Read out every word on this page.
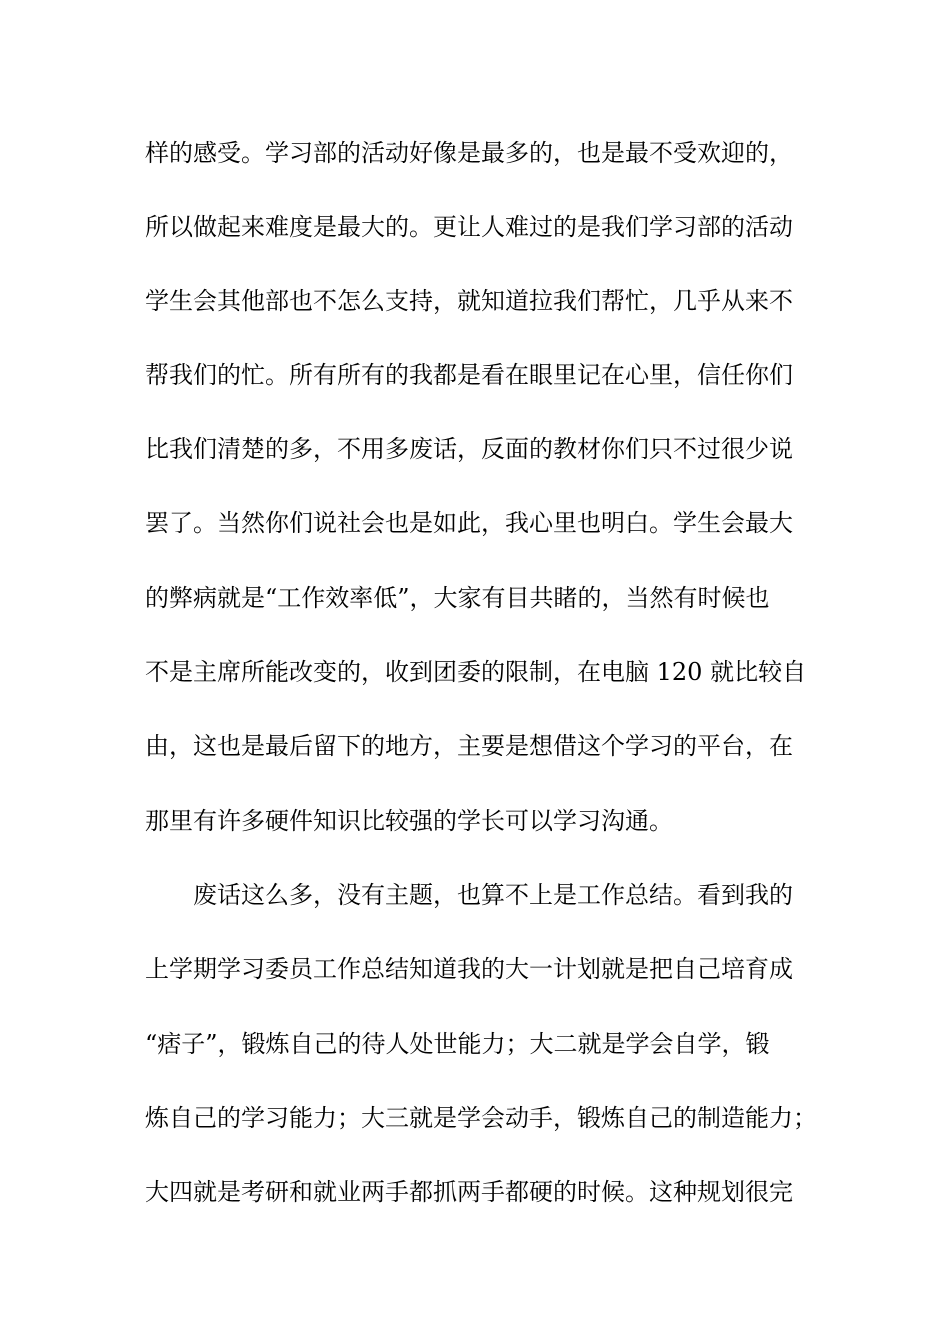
样的感受。学习部的活动好像是最多的，也是最不受欢迎的，
所以做起来难度是最大的。更让人难过的是我们学习部的活动
学生会其他部也不怎么支持，就知道拉我们帮忙，几乎从来不
帮我们的忙。所有所有的我都是看在眼里记在心里，信任你们
比我们清楚的多，不用多废话，反面的教材你们只不过很少说
罢了。当然你们说社会也是如此，我心里也明白。学生会最大
的弊病就是“工作效率低”，大家有目共睹的，当然有时候也
不是主席所能改变的，收到团委的限制，在电脑 120 就比较自
由，这也是最后留下的地方，主要是想借这个学习的平台，在
那里有许多硬件知识比较强的学长可以学习沟通。
废话这么多，没有主题，也算不上是工作总结。看到我的
上学期学习委员工作总结知道我的大一计划就是把自己培育成
“痞子”，锻炼自己的待人处世能力；大二就是学会自学，锻
炼自己的学习能力；大三就是学会动手，锻炼自己的制造能力；
大四就是考研和就业两手都抓两手都硬的时候。这种规划很完
